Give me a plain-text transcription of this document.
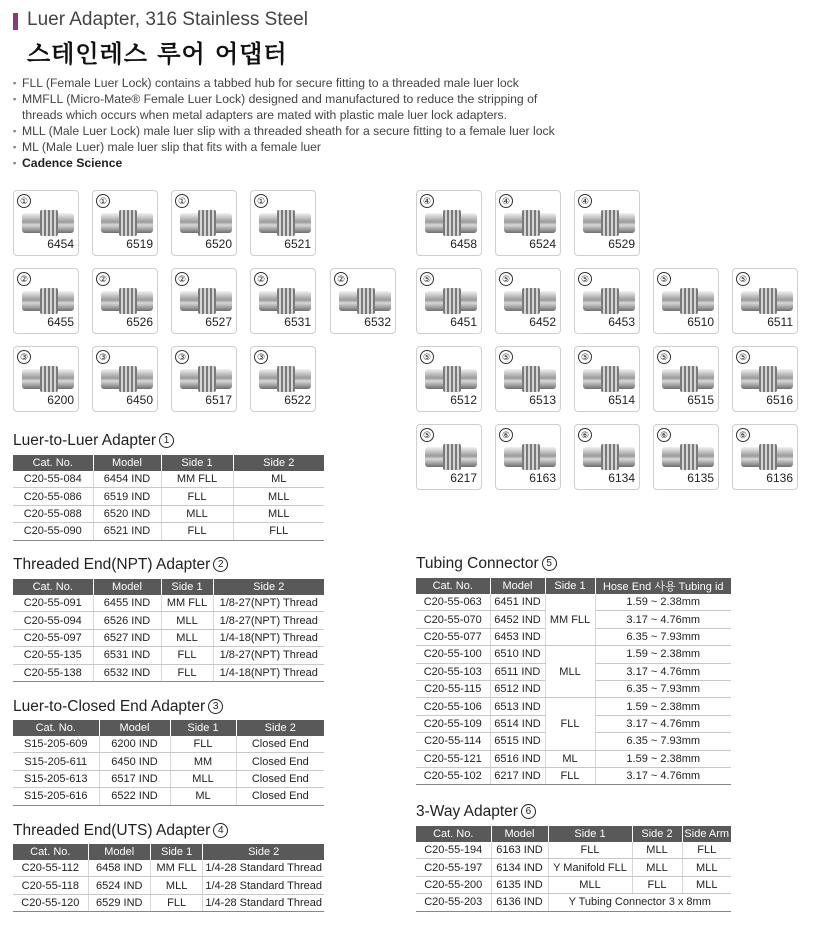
Luer Adapter, 316 Stainless Steel
스테인레스 루어 어댑터
▪ FLL (Female Luer Lock) contains a tabbed hub for secure fitting to a threaded male luer lock
▪ MMFLL (Micro-Mate® Female Luer Lock) designed and manufactured to reduce the stripping of
threads which occurs when metal adapters are mated with plastic male luer lock adapters.
▪ MLL (Male Luer Lock) male luer slip with a threaded sheath for a secure fitting to a female luer lock
▪ ML (Male Luer) male luer slip that fits with a female luer
▪ Cadence Science
①
6454
①
6519
①
6520
①
6521
②
6455
②
6526
②
6527
②
6531
②
6532
③
6200
③
6450
③
6517
③
6522
④
6458
④
6524
④
6529
⑤
6451
⑤
6452
⑤
6453
⑤
6510
⑤
6511
⑤
6512
⑤
6513
⑤
6514
⑤
6515
⑤
6516
⑤
6217
⑥
6163
⑥
6134
⑥
6135
⑥
6136
Luer-to-Luer Adapter 1
Threaded End(NPT) Adapter 2
Luer-to-Closed End Adapter 3
Threaded End(UTS) Adapter 4
Tubing Connector 5
3-Way Adapter 6
Cat. No.	Model	Side 1	Side 2
C20-55-084	6454 IND	MM FLL	ML
C20-55-086	6519 IND	FLL	MLL
C20-55-088	6520 IND	MLL	MLL
C20-55-090	6521 IND	FLL	FLL
Cat. No.	Model	Side 1	Side 2
C20-55-091	6455 IND	MM FLL	1/8-27(NPT) Thread
C20-55-094	6526 IND	MLL	1/8-27(NPT) Thread
C20-55-097	6527 IND	MLL	1/4-18(NPT) Thread
C20-55-135	6531 IND	FLL	1/8-27(NPT) Thread
C20-55-138	6532 IND	FLL	1/4-18(NPT) Thread
Cat. No.	Model	Side 1	Side 2
S15-205-609	6200 IND	FLL	Closed End
S15-205-611	6450 IND	MM	Closed End
S15-205-613	6517 IND	MLL	Closed End
S15-205-616	6522 IND	ML	Closed End
Cat. No.	Model	Side 1	Side 2
C20-55-112	6458 IND	MM FLL	1/4-28 Standard Thread
C20-55-118	6524 IND	MLL	1/4-28 Standard Thread
C20-55-120	6529 IND	FLL	1/4-28 Standard Thread
Cat. No.	Model	Side 1	Hose End 사용 Tubing id
C20-55-063	6451 IND	MM FLL	1.59 ~ 2.38mm
C20-55-070	6452 IND		3.17 ~ 4.76mm
C20-55-077	6453 IND		6.35 ~ 7.93mm
C20-55-100	6510 IND	MLL	1.59 ~ 2.38mm
C20-55-103	6511 IND		3.17 ~ 4.76mm
C20-55-115	6512 IND		6.35 ~ 7.93mm
C20-55-106	6513 IND	FLL	1.59 ~ 2.38mm
C20-55-109	6514 IND		3.17 ~ 4.76mm
C20-55-114	6515 IND		6.35 ~ 7.93mm
C20-55-121	6516 IND	ML	1.59 ~ 2.38mm
C20-55-102	6217 IND	FLL	3.17 ~ 4.76mm
Cat. No.	Model	Side 1	Side 2	Side Arm
C20-55-194	6163 IND	FLL	MLL	FLL
C20-55-197	6134 IND	Y Manifold FLL	MLL	MLL
C20-55-200	6135 IND	MLL	FLL	MLL
C20-55-203	6136 IND	Y Tubing Connector 3 x 8mm		
